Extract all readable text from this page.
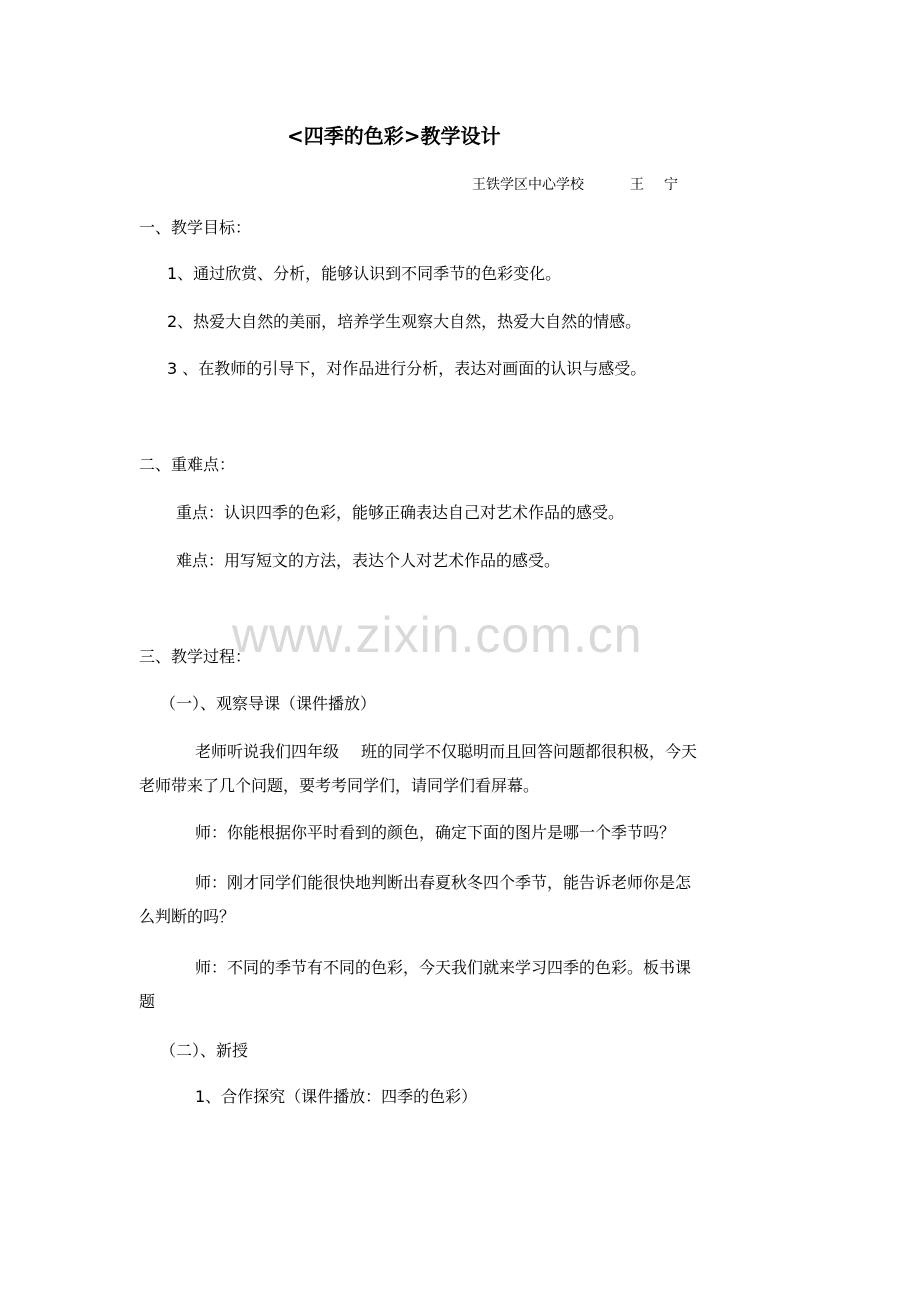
<四季的色彩>教学设计
王铁学区中心学校	王 宁
一、教学目标：
1、通过欣赏、分析，能够认识到不同季节的色彩变化。
2、热爱大自然的美丽，培养学生观察大自然，热爱大自然的情感。
3 、在教师的引导下，对作品进行分析，表达对画面的认识与感受。
二、重难点：
重点：认识四季的色彩，能够正确表达自己对艺术作品的感受。
难点：用写短文的方法，表达个人对艺术作品的感受。
www.zixin.com.cn
三、教学过程：
（一）、观察导课（课件播放）
老师听说我们四年级 班的同学不仅聪明而且回答问题都很积极，今天
老师带来了几个问题，要考考同学们，请同学们看屏幕。
师：你能根据你平时看到的颜色，确定下面的图片是哪一个季节吗？
师：刚才同学们能很快地判断出春夏秋冬四个季节，能告诉老师你是怎
么判断的吗？
师：不同的季节有不同的色彩，今天我们就来学习四季的色彩。板书课
题
（二）、新授
1、合作探究（课件播放：四季的色彩）
